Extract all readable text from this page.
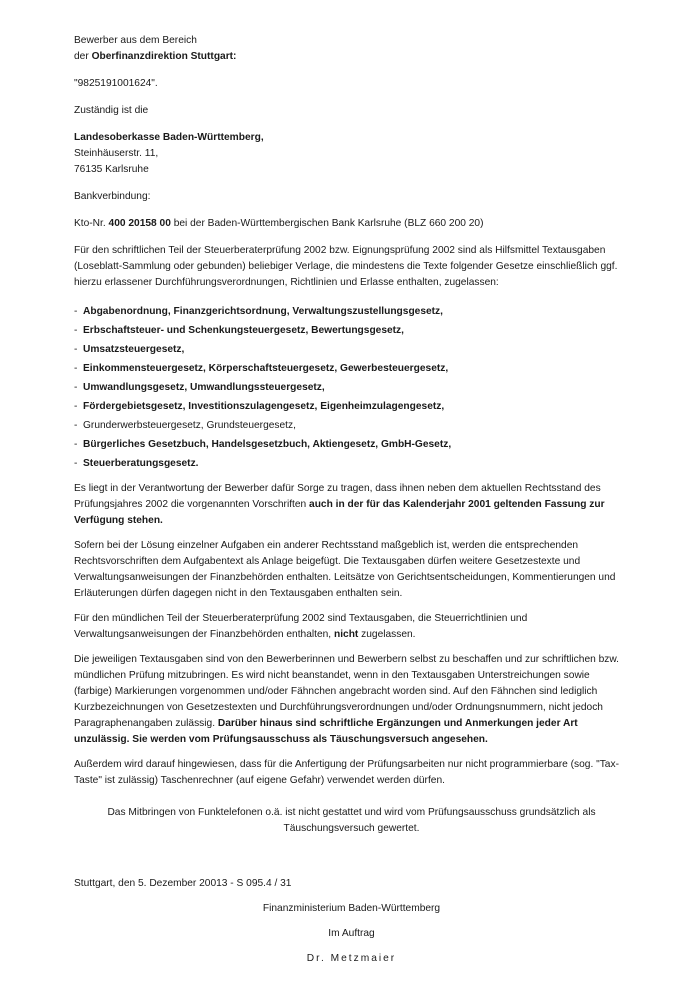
Bewerber aus dem Bereich

der Oberfinanzdirektion Stuttgart:

"9825191001624".

Zuständig ist die

Landesoberkasse Baden-Württemberg,
Steinhäuserstr. 11,
76135 Karlsruhe

Bankverbindung:

Kto-Nr. 400 20158 00 bei der Baden-Württembergischen Bank Karlsruhe (BLZ 660 200 20)

Für den schriftlichen Teil der Steuerberaterprüfung 2002 bzw. Eignungsprüfung 2002 sind als Hilfsmittel Textausgaben (Loseblatt-Sammlung oder gebunden) beliebiger Verlage, die mindestens die Texte folgender Gesetze einschließlich ggf. hierzu erlassener Durchführungsverordnungen, Richtlinien und Erlasse enthalten, zugelassen:

- Abgabenordnung, Finanzgerichtsordnung, Verwaltungszustellungsgesetz,
- Erbschaftsteuer- und Schenkungsteuergesetz, Bewertungsgesetz,
- Umsatzsteuergesetz,
- Einkommensteuergesetz, Körperschaftsteuergesetz, Gewerbesteuergesetz,
- Umwandlungsgesetz, Umwandlungssteuergesetz,
- Fördergebietsgesetz, Investitionszulagengesetz, Eigenheimzulagengesetz,
- Grunderwerbsteuergesetz, Grundsteuergesetz,
- Bürgerliches Gesetzbuch, Handelsgesetzbuch, Aktiengesetz, GmbH-Gesetz,
- Steuerberatungsgesetz.

Es liegt in der Verantwortung der Bewerber dafür Sorge zu tragen, dass ihnen neben dem aktuellen Rechtsstand des Prüfungsjahres 2002 die vorgenannten Vorschriften auch in der für das Kalenderjahr 2001 geltenden Fassung zur Verfügung stehen.

Sofern bei der Lösung einzelner Aufgaben ein anderer Rechtsstand maßgeblich ist, werden die entsprechenden Rechtsvorschriften dem Aufgabentext als Anlage beigefügt. Die Textausgaben dürfen weitere Gesetzestexte und Verwaltungsanweisungen der Finanzbehörden enthalten. Leitsätze von Gerichtsentscheidungen, Kommentierungen und Erläuterungen dürfen dagegen nicht in den Textausgaben enthalten sein.

Für den mündlichen Teil der Steuerberaterprüfung 2002 sind Textausgaben, die Steuerrichtlinien und Verwaltungsanweisungen der Finanzbehörden enthalten, nicht zugelassen.

Die jeweiligen Textausgaben sind von den Bewerberinnen und Bewerbern selbst zu beschaffen und zur schriftlichen bzw. mündlichen Prüfung mitzubringen. Es wird nicht beanstandet, wenn in den Textausgaben Unterstreichungen sowie (farbige) Markierungen vorgenommen und/oder Fähnchen angebracht worden sind. Auf den Fähnchen sind lediglich Kurzbezeichnungen von Gesetzestexten und Durchführungsverordnungen und/oder Ordnungsnummern, nicht jedoch Paragraphenangaben zulässig. Darüber hinaus sind schriftliche Ergänzungen und Anmerkungen jeder Art unzulässig. Sie werden vom Prüfungsausschuss als Täuschungsversuch angesehen.

Außerdem wird darauf hingewiesen, dass für die Anfertigung der Prüfungsarbeiten nur nicht programmierbare (sog. "Tax-Taste" ist zulässig) Taschenrechner (auf eigene Gefahr) verwendet werden dürfen.

Das Mitbringen von Funktelefonen o.ä. ist nicht gestattet und wird vom Prüfungsausschuss grundsätzlich als Täuschungsversuch gewertet.

Stuttgart, den 5. Dezember 20013 - S 095.4 / 31

Finanzministerium Baden-Württemberg

Im Auftrag

Dr. Metzmaier
